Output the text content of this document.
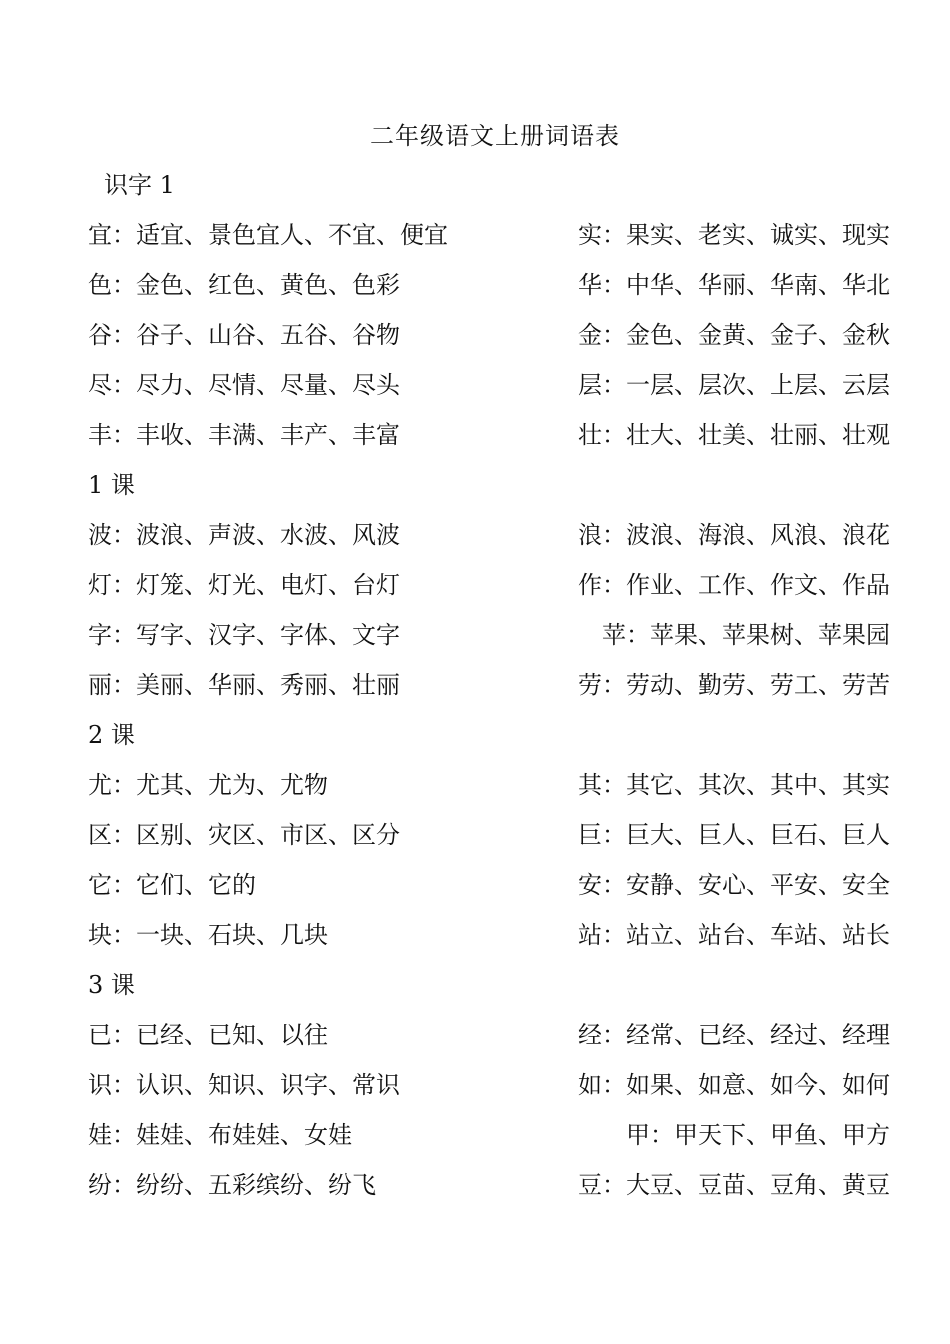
二年级语文上册词语表
识字 1
宜：适宜、景色宜人、不宜、便宜	实：果实、老实、诚实、现实
色：金色、红色、黄色、色彩	华：中华、华丽、华南、华北
谷：谷子、山谷、五谷、谷物	金：金色、金黄、金子、金秋
尽：尽力、尽情、尽量、尽头	层：一层、层次、上层、云层
丰：丰收、丰满、丰产、丰富	壮：壮大、壮美、壮丽、壮观
1 课
波：波浪、声波、水波、风波	浪：波浪、海浪、风浪、浪花
灯：灯笼、灯光、电灯、台灯	作：作业、工作、作文、作品
字：写字、汉字、字体、文字	苹：苹果、苹果树、苹果园
丽：美丽、华丽、秀丽、壮丽	劳：劳动、勤劳、劳工、劳苦
2 课
尤：尤其、尤为、尤物	其：其它、其次、其中、其实
区：区别、灾区、市区、区分	巨：巨大、巨人、巨石、巨人
它：它们、它的	安：安静、安心、平安、安全
块：一块、石块、几块	站：站立、站台、车站、站长
3 课
已：已经、已知、以往	经：经常、已经、经过、经理
识：认识、知识、识字、常识	如：如果、如意、如今、如何
娃：娃娃、布娃娃、女娃	甲：甲天下、甲鱼、甲方
纷：纷纷、五彩缤纷、纷飞	豆：大豆、豆苗、豆角、黄豆
